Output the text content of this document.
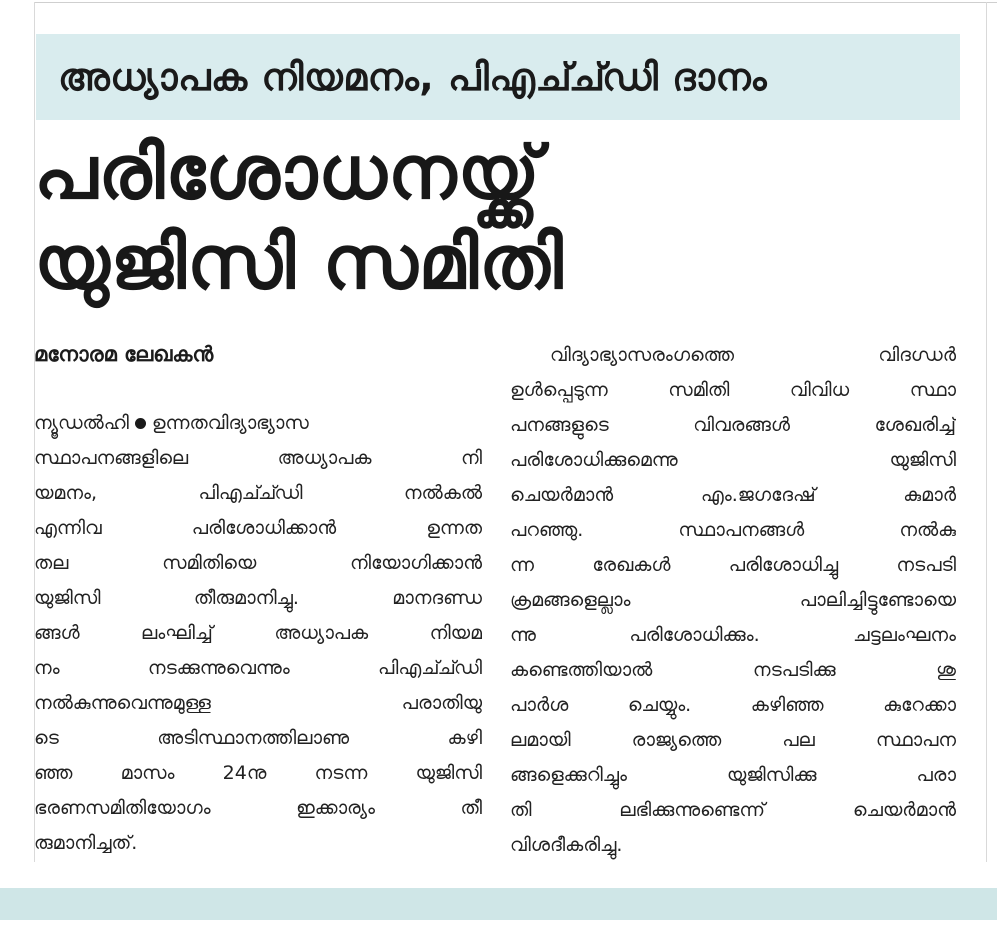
അധ്യാപക നിയമനം, പിഎച്ച്ഡി ദാനം
പരിശോധനയ്ക്ക്
യുജിസി സമിതി
മനോരമ ലേഖകൻ
ന്യൂഡൽഹി ഉന്നതവിദ്യാഭ്യാസ
സ്ഥാപനങ്ങളിലെ അധ്യാപക നി
യമനം, പിഎച്ച്ഡി നൽകൽ
എന്നിവ പരിശോധിക്കാൻ ഉന്നത
തല സമിതിയെ നിയോഗിക്കാൻ
യുജിസി തീരുമാനിച്ചു. മാനദണ്ഡ
ങ്ങൾ ലംഘിച്ച് അധ്യാപക നിയമ
നം നടക്കുന്നുവെന്നും പിഎച്ച്ഡി
നൽകുന്നുവെന്നുമുള്ള പരാതിയു
ടെ അടിസ്ഥാനത്തിലാണു കഴി
ഞ്ഞ മാസം 24നു നടന്ന യുജിസി
ഭരണസമിതിയോഗം ഇക്കാര്യം തീ
രുമാനിച്ചത്.
വിദ്യാഭ്യാസരംഗത്തെ വിദഗ്ധർ
ഉൾപ്പെടുന്ന സമിതി വിവിധ സ്ഥാ
പനങ്ങളുടെ വിവരങ്ങൾ ശേഖരിച്ച്
പരിശോധിക്കുമെന്നു യുജിസി
ചെയർമാൻ എം.ജഗദേഷ് കുമാർ
പറഞ്ഞു. സ്ഥാപനങ്ങൾ നൽകു
ന്ന രേഖകൾ പരിശോധിച്ചു നടപടി
ക്രമങ്ങളെല്ലാം പാലിച്ചിട്ടുണ്ടോയെ
ന്നു പരിശോധിക്കും. ചട്ടലംഘനം
കണ്ടെത്തിയാൽ നടപടിക്കു ശു
പാർശ ചെയ്യും. കഴിഞ്ഞ കുറേക്കാ
ലമായി രാജ്യത്തെ പല സ്ഥാപന
ങ്ങളെക്കുറിച്ചും യുജിസിക്കു പരാ
തി ലഭിക്കുന്നുണ്ടെന്ന് ചെയർമാൻ
വിശദീകരിച്ചു.
